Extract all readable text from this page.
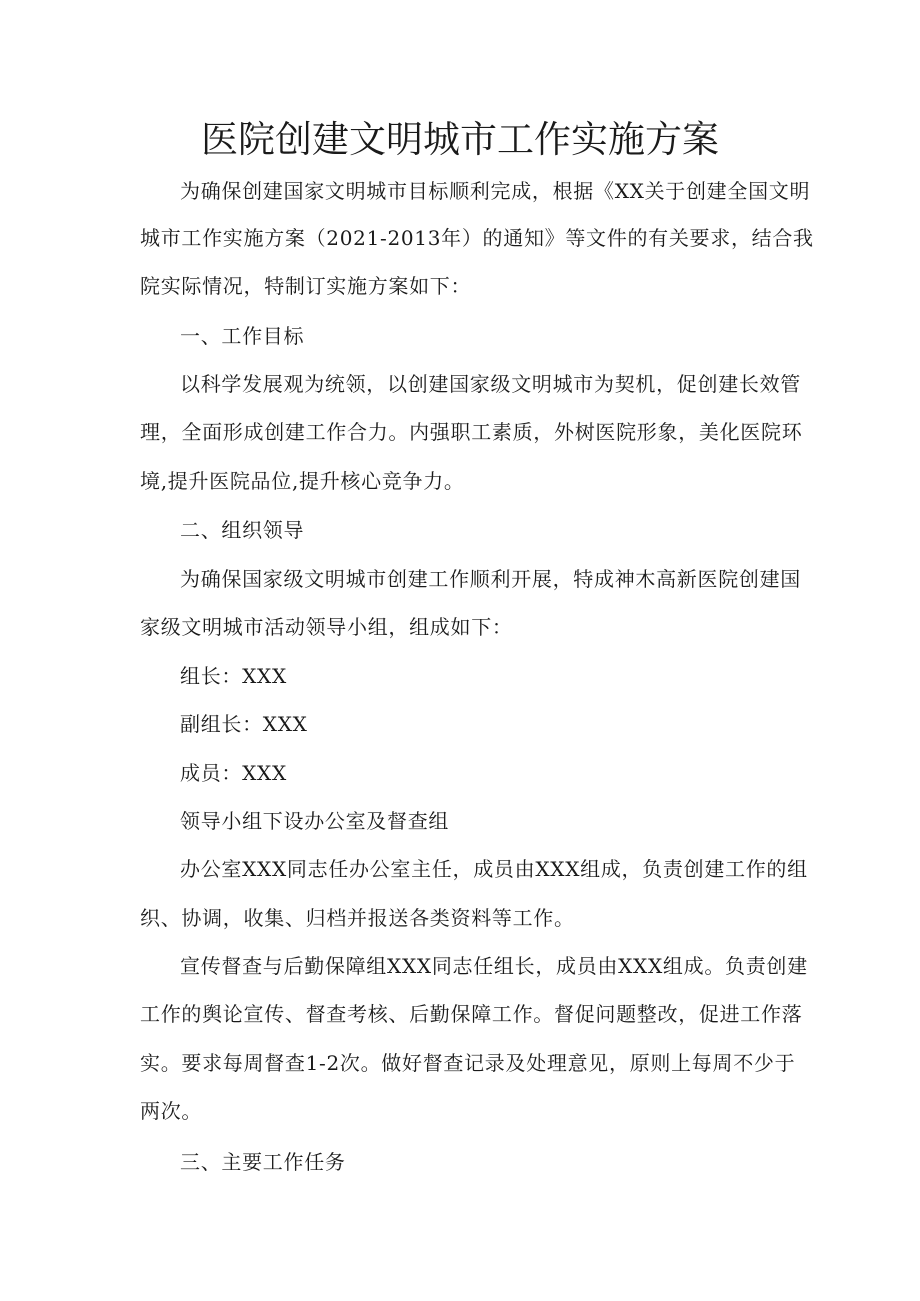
医院创建文明城市工作实施方案
为确保创建国家文明城市目标顺利完成，根据《XX关于创建全国文明
城市工作实施方案（2021-2013年）的通知》等文件的有关要求，结合我
院实际情况，特制订实施方案如下：
一、工作目标
以科学发展观为统领，以创建国家级文明城市为契机，促创建长效管
理，全面形成创建工作合力。内强职工素质，外树医院形象，美化医院环
境,提升医院品位,提升核心竞争力。
二、组织领导
为确保国家级文明城市创建工作顺利开展，特成神木高新医院创建国
家级文明城市活动领导小组，组成如下：
组长：XXX
副组长：XXX
成员：XXX
领导小组下设办公室及督查组
办公室XXX同志任办公室主任，成员由XXX组成，负责创建工作的组
织、协调，收集、归档并报送各类资料等工作。
宣传督查与后勤保障组XXX同志任组长，成员由XXX组成。负责创建
工作的舆论宣传、督查考核、后勤保障工作。督促问题整改，促进工作落
实。要求每周督查1-2次。做好督查记录及处理意见，原则上每周不少于
两次。
三、主要工作任务
